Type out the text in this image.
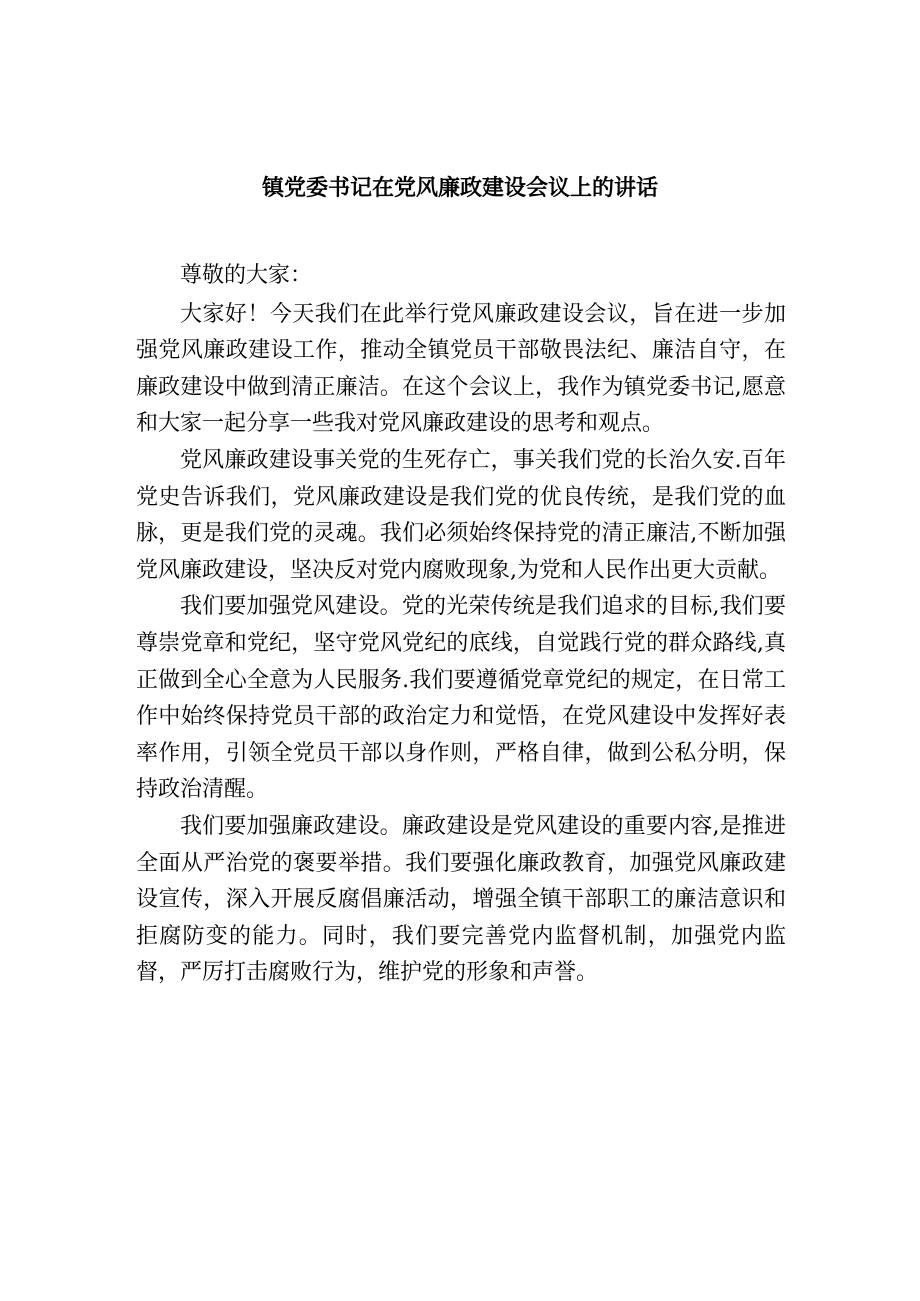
镇党委书记在党风廉政建设会议上的讲话

尊敬的大家：

大家好！今天我们在此举行党风廉政建设会议，旨在进一步加强党风廉政建设工作，推动全镇党员干部敬畏法纪、廉洁自守，在廉政建设中做到清正廉洁。在这个会议上，我作为镇党委书记,愿意和大家一起分享一些我对党风廉政建设的思考和观点。

党风廉政建设事关党的生死存亡，事关我们党的长治久安.百年党史告诉我们，党风廉政建设是我们党的优良传统，是我们党的血脉，更是我们党的灵魂。我们必须始终保持党的清正廉洁,不断加强党风廉政建设，坚决反对党内腐败现象,为党和人民作出更大贡献。

我们要加强党风建设。党的光荣传统是我们追求的目标,我们要尊崇党章和党纪，坚守党风党纪的底线，自觉践行党的群众路线,真正做到全心全意为人民服务.我们要遵循党章党纪的规定，在日常工作中始终保持党员干部的政治定力和觉悟，在党风建设中发挥好表率作用，引领全党员干部以身作则，严格自律，做到公私分明，保持政治清醒。

我们要加强廉政建设。廉政建设是党风建设的重要内容,是推进全面从严治党的褒要举措。我们要强化廉政教育，加强党风廉政建设宣传，深入开展反腐倡廉活动，增强全镇干部职工的廉洁意识和拒腐防变的能力。同时，我们要完善党内监督机制，加强党内监督，严厉打击腐败行为，维护党的形象和声誉。
